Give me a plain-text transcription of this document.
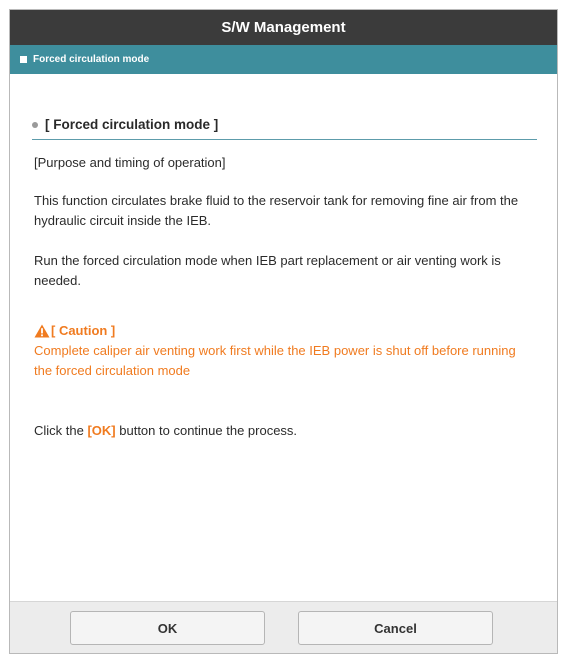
S/W Management
Forced circulation mode
[ Forced circulation mode ]

[Purpose and timing of operation]

This function circulates brake fluid to the reservoir tank for removing fine air from the hydraulic circuit inside the IEB.

Run the forced circulation mode when IEB part replacement or air venting work is needed.

[ Caution ]

Complete caliper air venting work first while the IEB power is shut off before running the forced circulation mode

Click the [OK] button to continue the process.

OK	Cancel
